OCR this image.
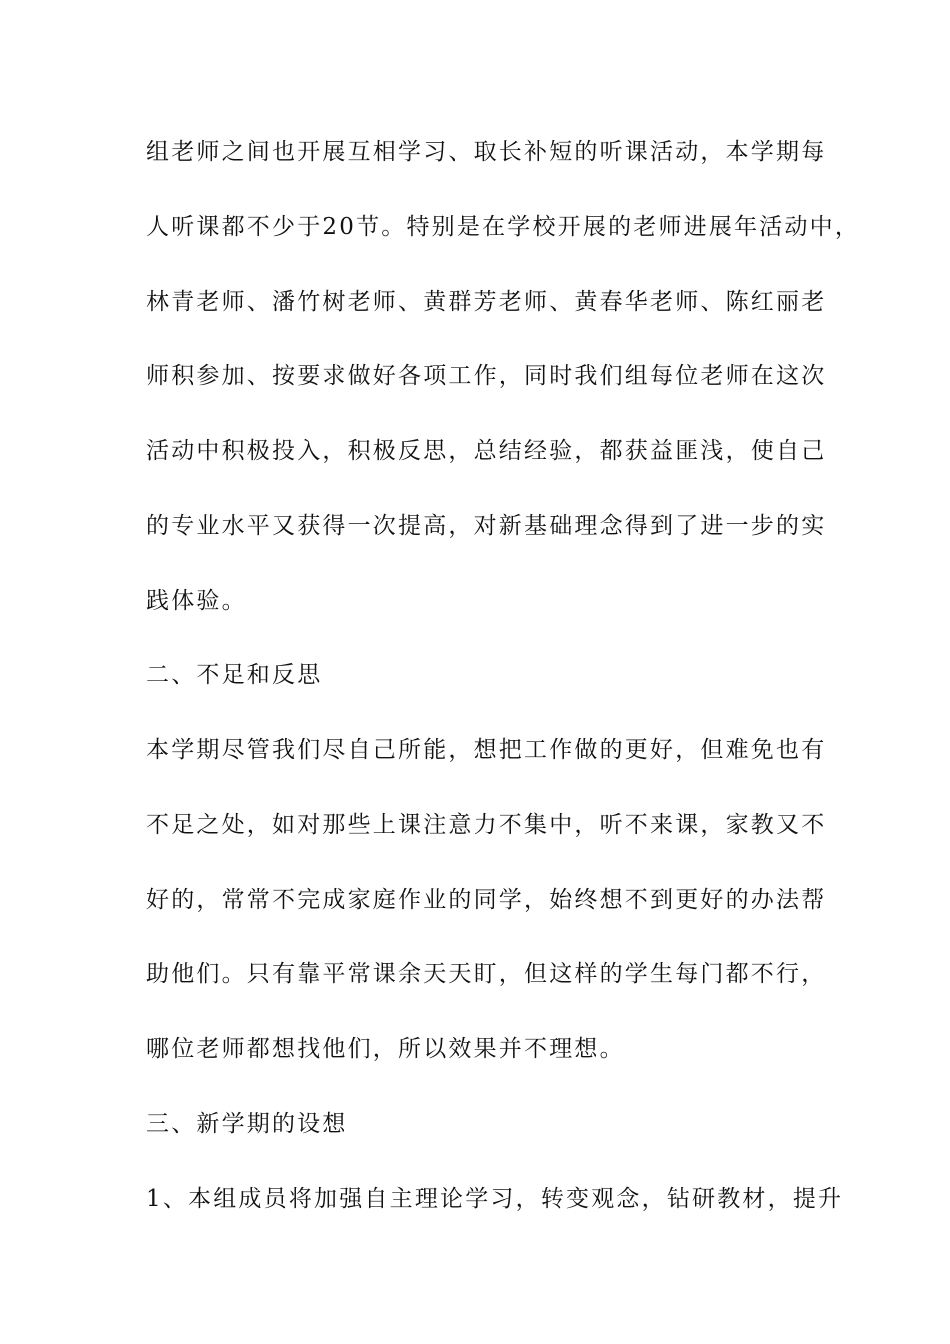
组老师之间也开展互相学习、取长补短的听课活动，本学期每
人听课都不少于20节。特别是在学校开展的老师进展年活动中，
林青老师、潘竹树老师、黄群芳老师、黄春华老师、陈红丽老
师积参加、按要求做好各项工作，同时我们组每位老师在这次
活动中积极投入，积极反思，总结经验，都获益匪浅，使自己
的专业水平又获得一次提高，对新基础理念得到了进一步的实
践体验。
二、不足和反思
本学期尽管我们尽自己所能，想把工作做的更好，但难免也有
不足之处，如对那些上课注意力不集中，听不来课，家教又不
好的，常常不完成家庭作业的同学，始终想不到更好的办法帮
助他们。只有靠平常课余天天盯，但这样的学生每门都不行，
哪位老师都想找他们，所以效果并不理想。
三、新学期的设想
1、本组成员将加强自主理论学习，转变观念，钻研教材，提升
